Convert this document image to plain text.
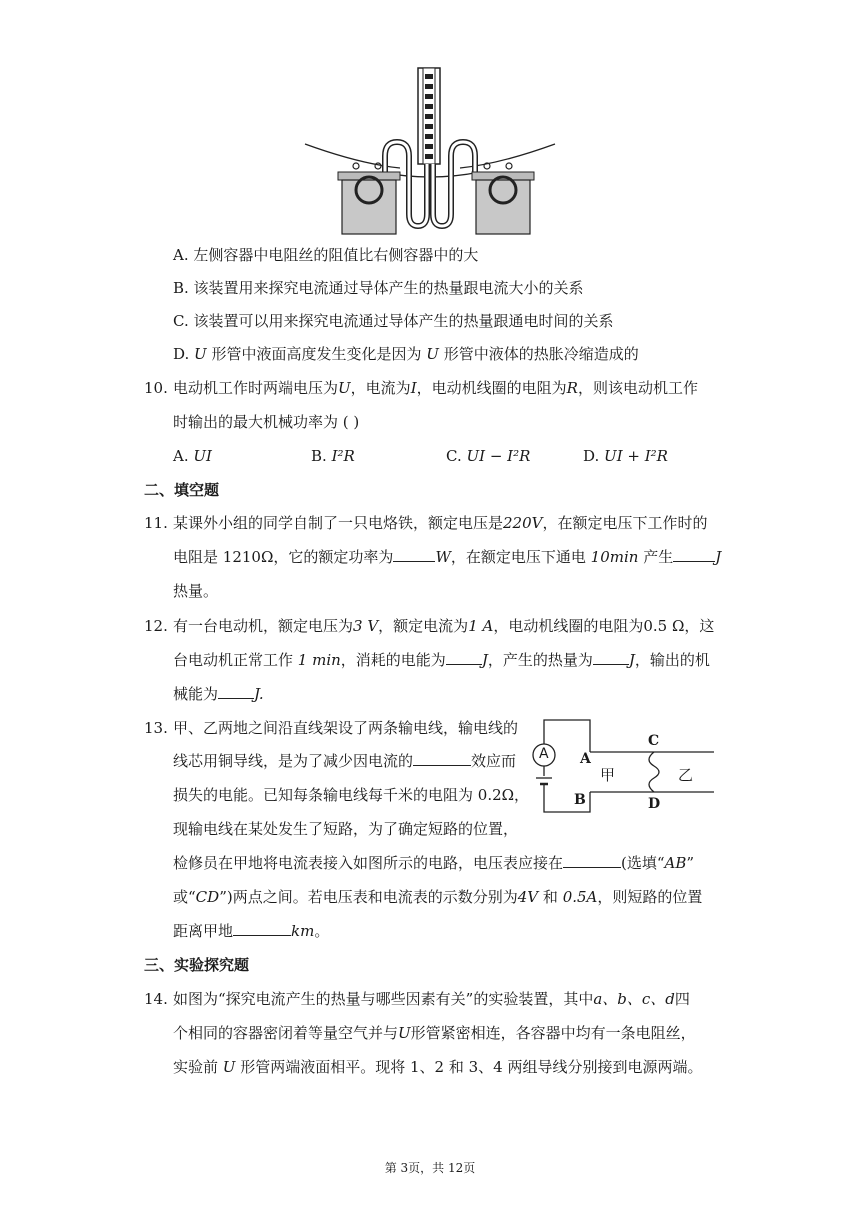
A. 左侧容器中电阻丝的阻值比右侧容器中的大
B. 该装置用来探究电流通过导体产生的热量跟电流大小的关系
C. 该装置可以用来探究电流通过导体产生的热量跟通电时间的关系
D. U 形管中液面高度发生变化是因为 U 形管中液体的热胀冷缩造成的
10. 电动机工作时两端电压为U，电流为I，电动机线圈的电阻为R，则该电动机工作
时输出的最大机械功率为 ( )
A. UI	B. I²R	C. UI − I²R	D. UI + I²R
二、填空题
11. 某课外小组的同学自制了一只电烙铁，额定电压是220V，在额定电压下工作时的
电阻是 1210Ω，它的额定功率为	W，在额定电压下通电 10min 产生	J
热量。
12. 有一台电动机，额定电压为3 V，额定电流为1 A，电动机线圈的电阻为0.5 Ω，这
台电动机正常工作 1 min，消耗的电能为 J，产生的热量为 J，输出的机
械能为 J.
13. 甲、乙两地之间沿直线架设了两条输电线，输电线的
线芯用铜导线，是为了减少因电流的	效应而
损失的电能。已知每条输电线每千米的电阻为 0.2Ω，
现输电线在某处发生了短路，为了确定短路的位置，
检修员在甲地将电流表接入如图所示的电路，电压表应接在	(选填“AB”
或“CD”)两点之间。若电压表和电流表的示数分别为4V 和 0.5A，则短路的位置
距离甲地	km。
A A
B
C
D
甲	乙
三、实验探究题
14. 如图为“探究电流产生的热量与哪些因素有关”的实验装置，其中a、b、c、d四
个相同的容器密闭着等量空气并与U形管紧密相连，各容器中均有一条电阻丝，
实验前 U 形管两端液面相平。现将 1、2 和 3、4 两组导线分别接到电源两端。
第 3页，共 12页
